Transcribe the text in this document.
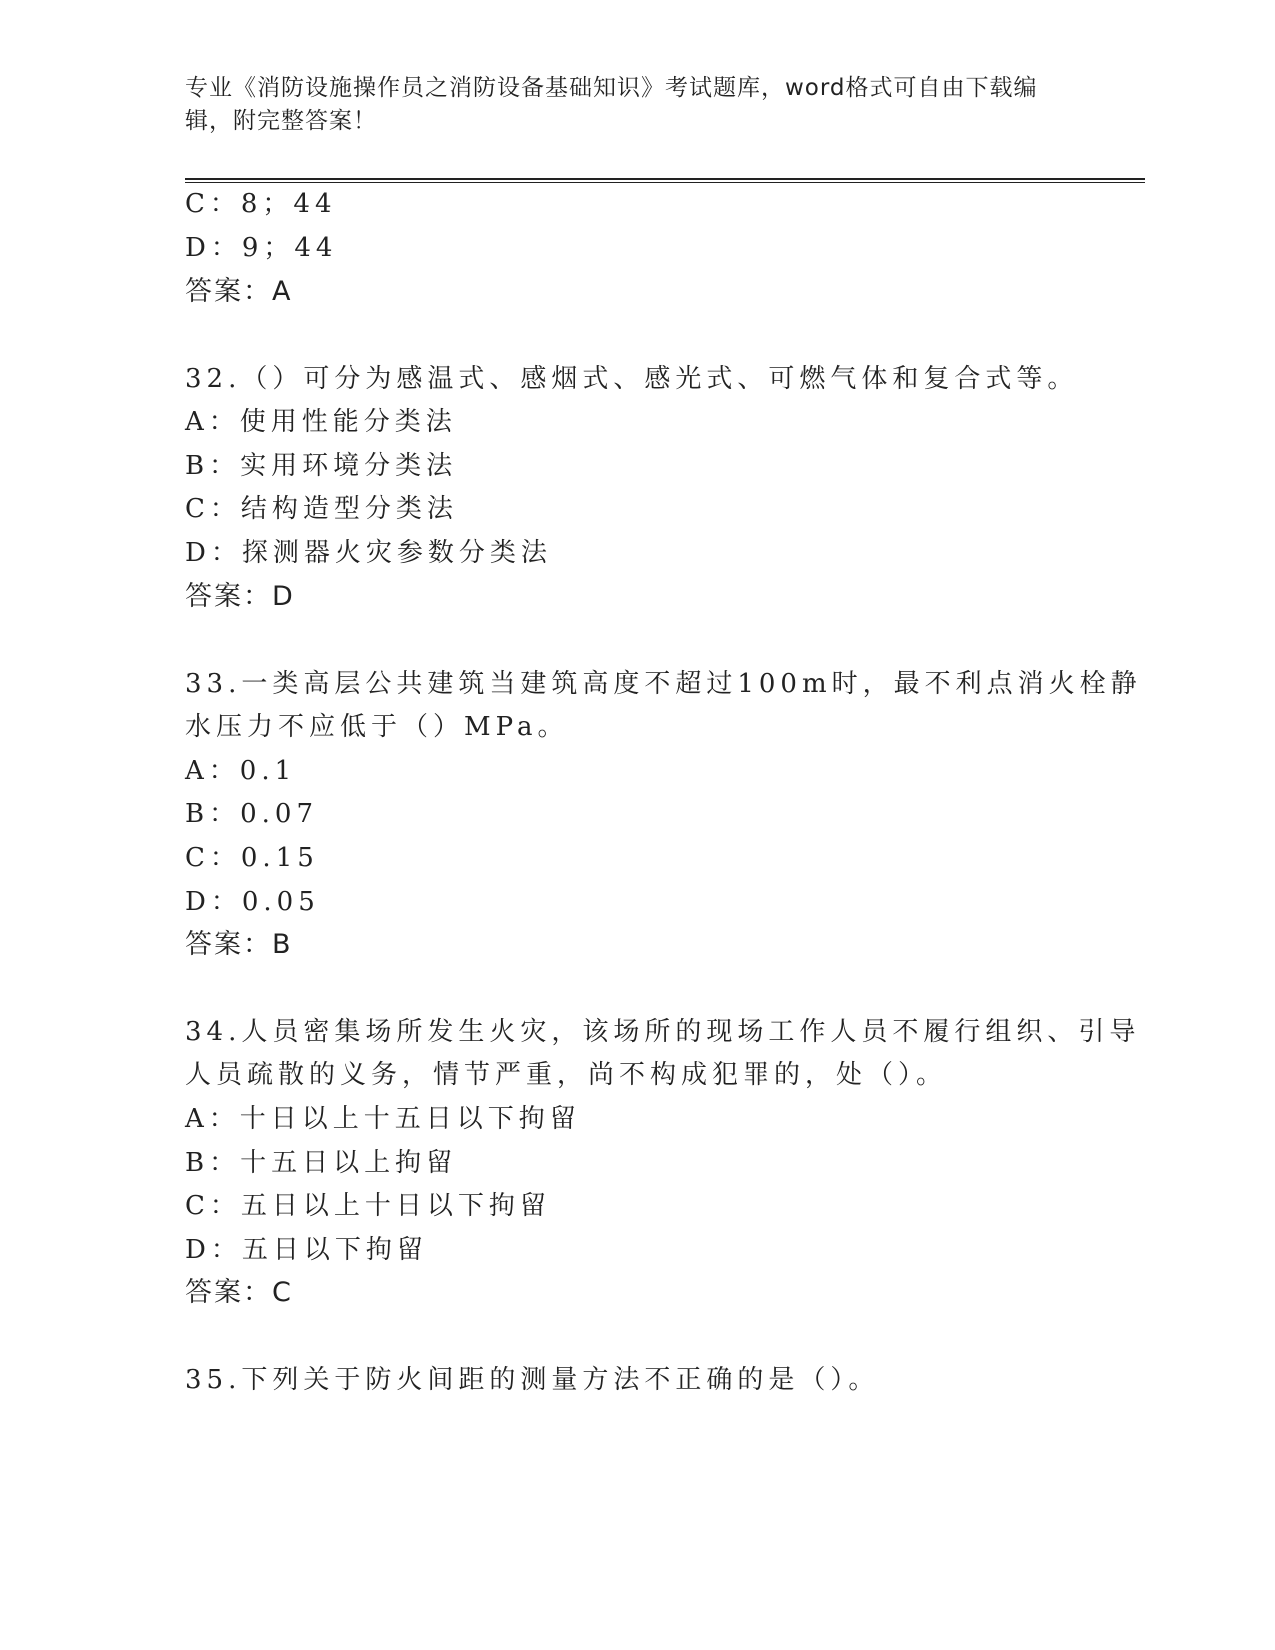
专业《消防设施操作员之消防设备基础知识》考试题库，word格式可自由下载编辑，附完整答案！
C：8；44
D：9；44
答案：A
32.（）可分为感温式、感烟式、感光式、可燃气体和复合式等。
A：使用性能分类法
B：实用环境分类法
C：结构造型分类法
D：探测器火灾参数分类法
答案：D
33.一类高层公共建筑当建筑高度不超过100m时，最不利点消火栓静
水压力不应低于（）MPa。
A：0.1
B：0.07
C：0.15
D：0.05
答案：B
34.人员密集场所发生火灾，该场所的现场工作人员不履行组织、引导
人员疏散的义务，情节严重，尚不构成犯罪的，处（）。
A：十日以上十五日以下拘留
B：十五日以上拘留
C：五日以上十日以下拘留
D：五日以下拘留
答案：C
35.下列关于防火间距的测量方法不正确的是（）。
